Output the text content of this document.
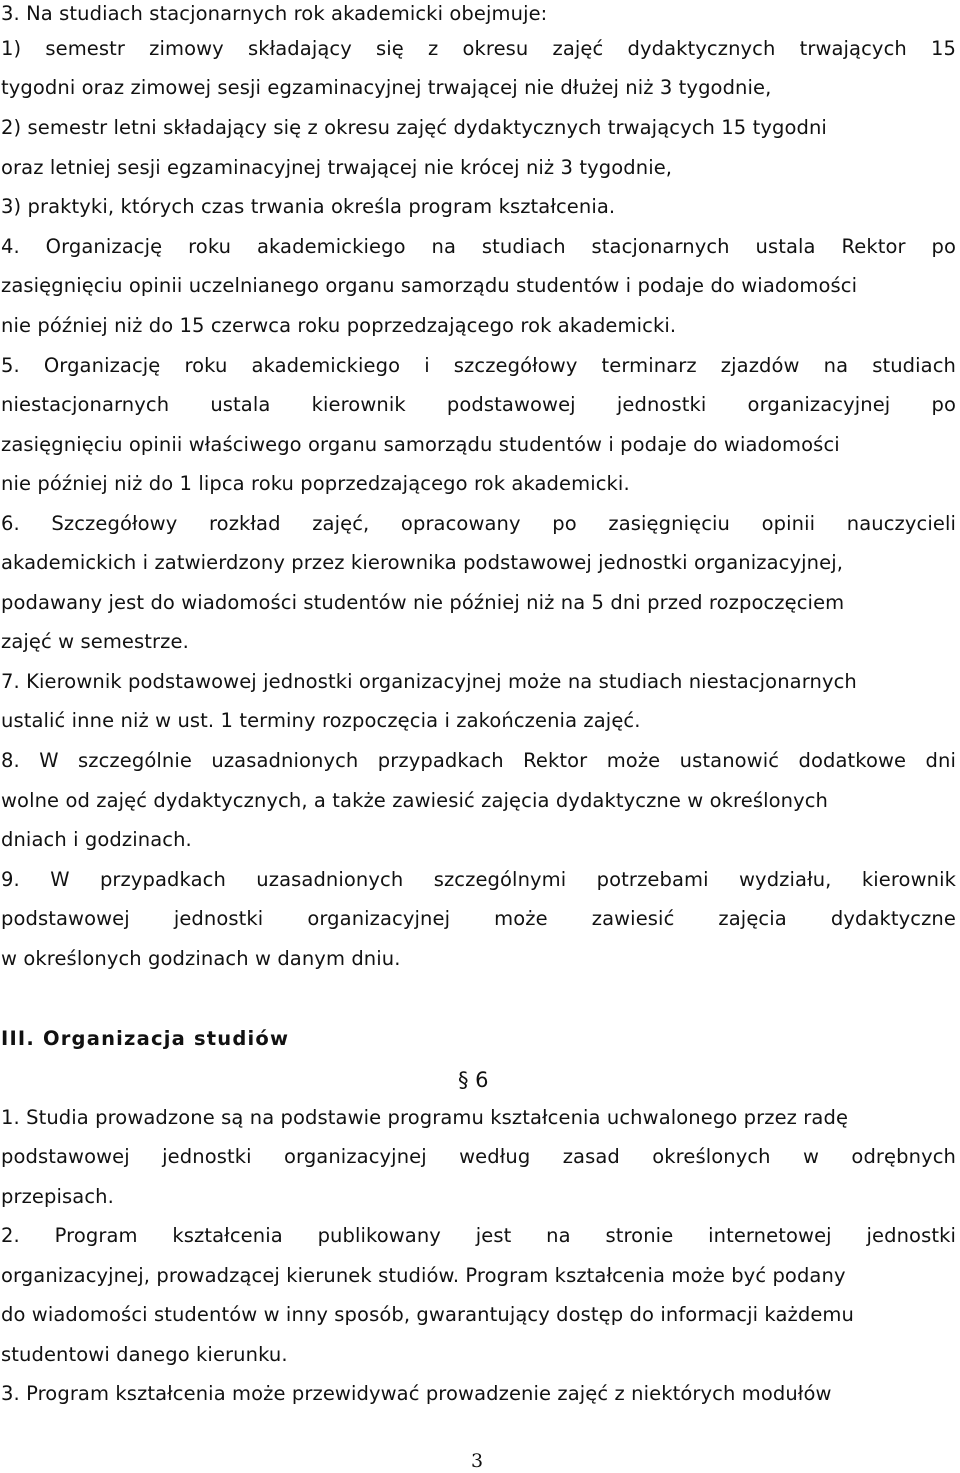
3. Na studiach stacjonarnych rok akademicki obejmuje:
1) semestr zimowy składający się z okresu zajęć dydaktycznych trwających 15
tygodni oraz zimowej sesji egzaminacyjnej trwającej nie dłużej niż 3 tygodnie,
2) semestr letni składający się z okresu zajęć dydaktycznych trwających 15 tygodni
oraz letniej sesji egzaminacyjnej trwającej nie krócej niż 3 tygodnie,
3) praktyki, których czas trwania określa program kształcenia.
4. Organizację roku akademickiego na studiach stacjonarnych ustala Rektor po
zasięgnięciu opinii uczelnianego organu samorządu studentów i podaje do wiadomości
nie później niż do 15 czerwca roku poprzedzającego rok akademicki.
5. Organizację roku akademickiego i szczegółowy terminarz zjazdów na studiach
niestacjonarnych ustala kierownik podstawowej jednostki organizacyjnej po
zasięgnięciu opinii właściwego organu samorządu studentów i podaje do wiadomości
nie później niż do 1 lipca roku poprzedzającego rok akademicki.
6. Szczegółowy rozkład zajęć, opracowany po zasięgnięciu opinii nauczycieli
akademickich i zatwierdzony przez kierownika podstawowej jednostki organizacyjnej,
podawany jest do wiadomości studentów nie później niż na 5 dni przed rozpoczęciem
zajęć w semestrze.
7. Kierownik podstawowej jednostki organizacyjnej może na studiach niestacjonarnych
ustalić inne niż w ust. 1 terminy rozpoczęcia i zakończenia zajęć.
8. W szczególnie uzasadnionych przypadkach Rektor może ustanowić dodatkowe dni
wolne od zajęć dydaktycznych, a także zawiesić zajęcia dydaktyczne w określonych
dniach i godzinach.
9. W przypadkach uzasadnionych szczególnymi potrzebami wydziału, kierownik
podstawowej jednostki organizacyjnej może zawiesić zajęcia dydaktyczne
w określonych godzinach w danym dniu.
III. Organizacja studiów
§ 6
1. Studia prowadzone są na podstawie programu kształcenia uchwalonego przez radę
podstawowej jednostki organizacyjnej według zasad określonych w odrębnych
przepisach.
2. Program kształcenia publikowany jest na stronie internetowej jednostki
organizacyjnej, prowadzącej kierunek studiów. Program kształcenia może być podany
do wiadomości studentów w inny sposób, gwarantujący dostęp do informacji każdemu
studentowi danego kierunku.
3. Program kształcenia może przewidywać prowadzenie zajęć z niektórych modułów
3
